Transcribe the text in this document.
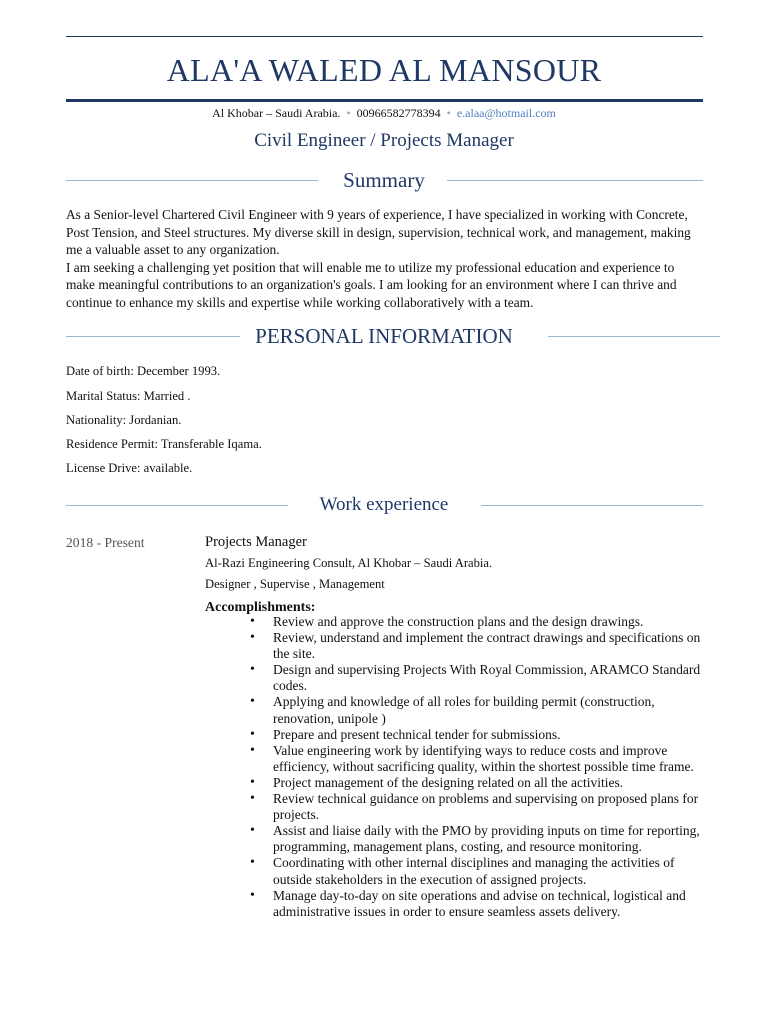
ALA'A WALED AL MANSOUR
Al Khobar – Saudi Arabia. • 00966582778394 • e.alaa@hotmail.com
Civil Engineer / Projects Manager
Summary

As a Senior-level Chartered Civil Engineer with 9 years of experience, I have specialized in working with Concrete, Post Tension, and Steel structures. My diverse skill in design, supervision, technical work, and management, making me a valuable asset to any organization.

I am seeking a challenging yet position that will enable me to utilize my professional education and experience to make meaningful contributions to an organization's goals. I am looking for an environment where I can thrive and continue to enhance my skills and expertise while working collaboratively with a team.

PERSONAL INFORMATION
Date of birth: December 1993.
Marital Status: Married .
Nationality: Jordanian.
Residence Permit: Transferable Iqama.
License Drive: available.
Work experience
2018 - Present	Projects Manager
Al-Razi Engineering Consult, Al Khobar – Saudi Arabia.
Designer , Supervise , Management
Accomplishments:
• Review and approve the construction plans and the design drawings.
• Review, understand and implement the contract drawings and specifications on the site.
• Design and supervising Projects With Royal Commission, ARAMCO Standard codes.
• Applying and knowledge of all roles for building permit (construction, renovation, unipole )
• Prepare and present technical tender for submissions.
• Value engineering work by identifying ways to reduce costs and improve efficiency, without sacrificing quality, within the shortest possible time frame.
• Project management of the designing related on all the activities.
• Review technical guidance on problems and supervising on proposed plans for projects.
• Assist and liaise daily with the PMO by providing inputs on time for reporting, programming, management plans, costing, and resource monitoring.
• Coordinating with other internal disciplines and managing the activities of outside stakeholders in the execution of assigned projects.
• Manage day-to-day on site operations and advise on technical, logistical and administrative issues in order to ensure seamless assets delivery.
